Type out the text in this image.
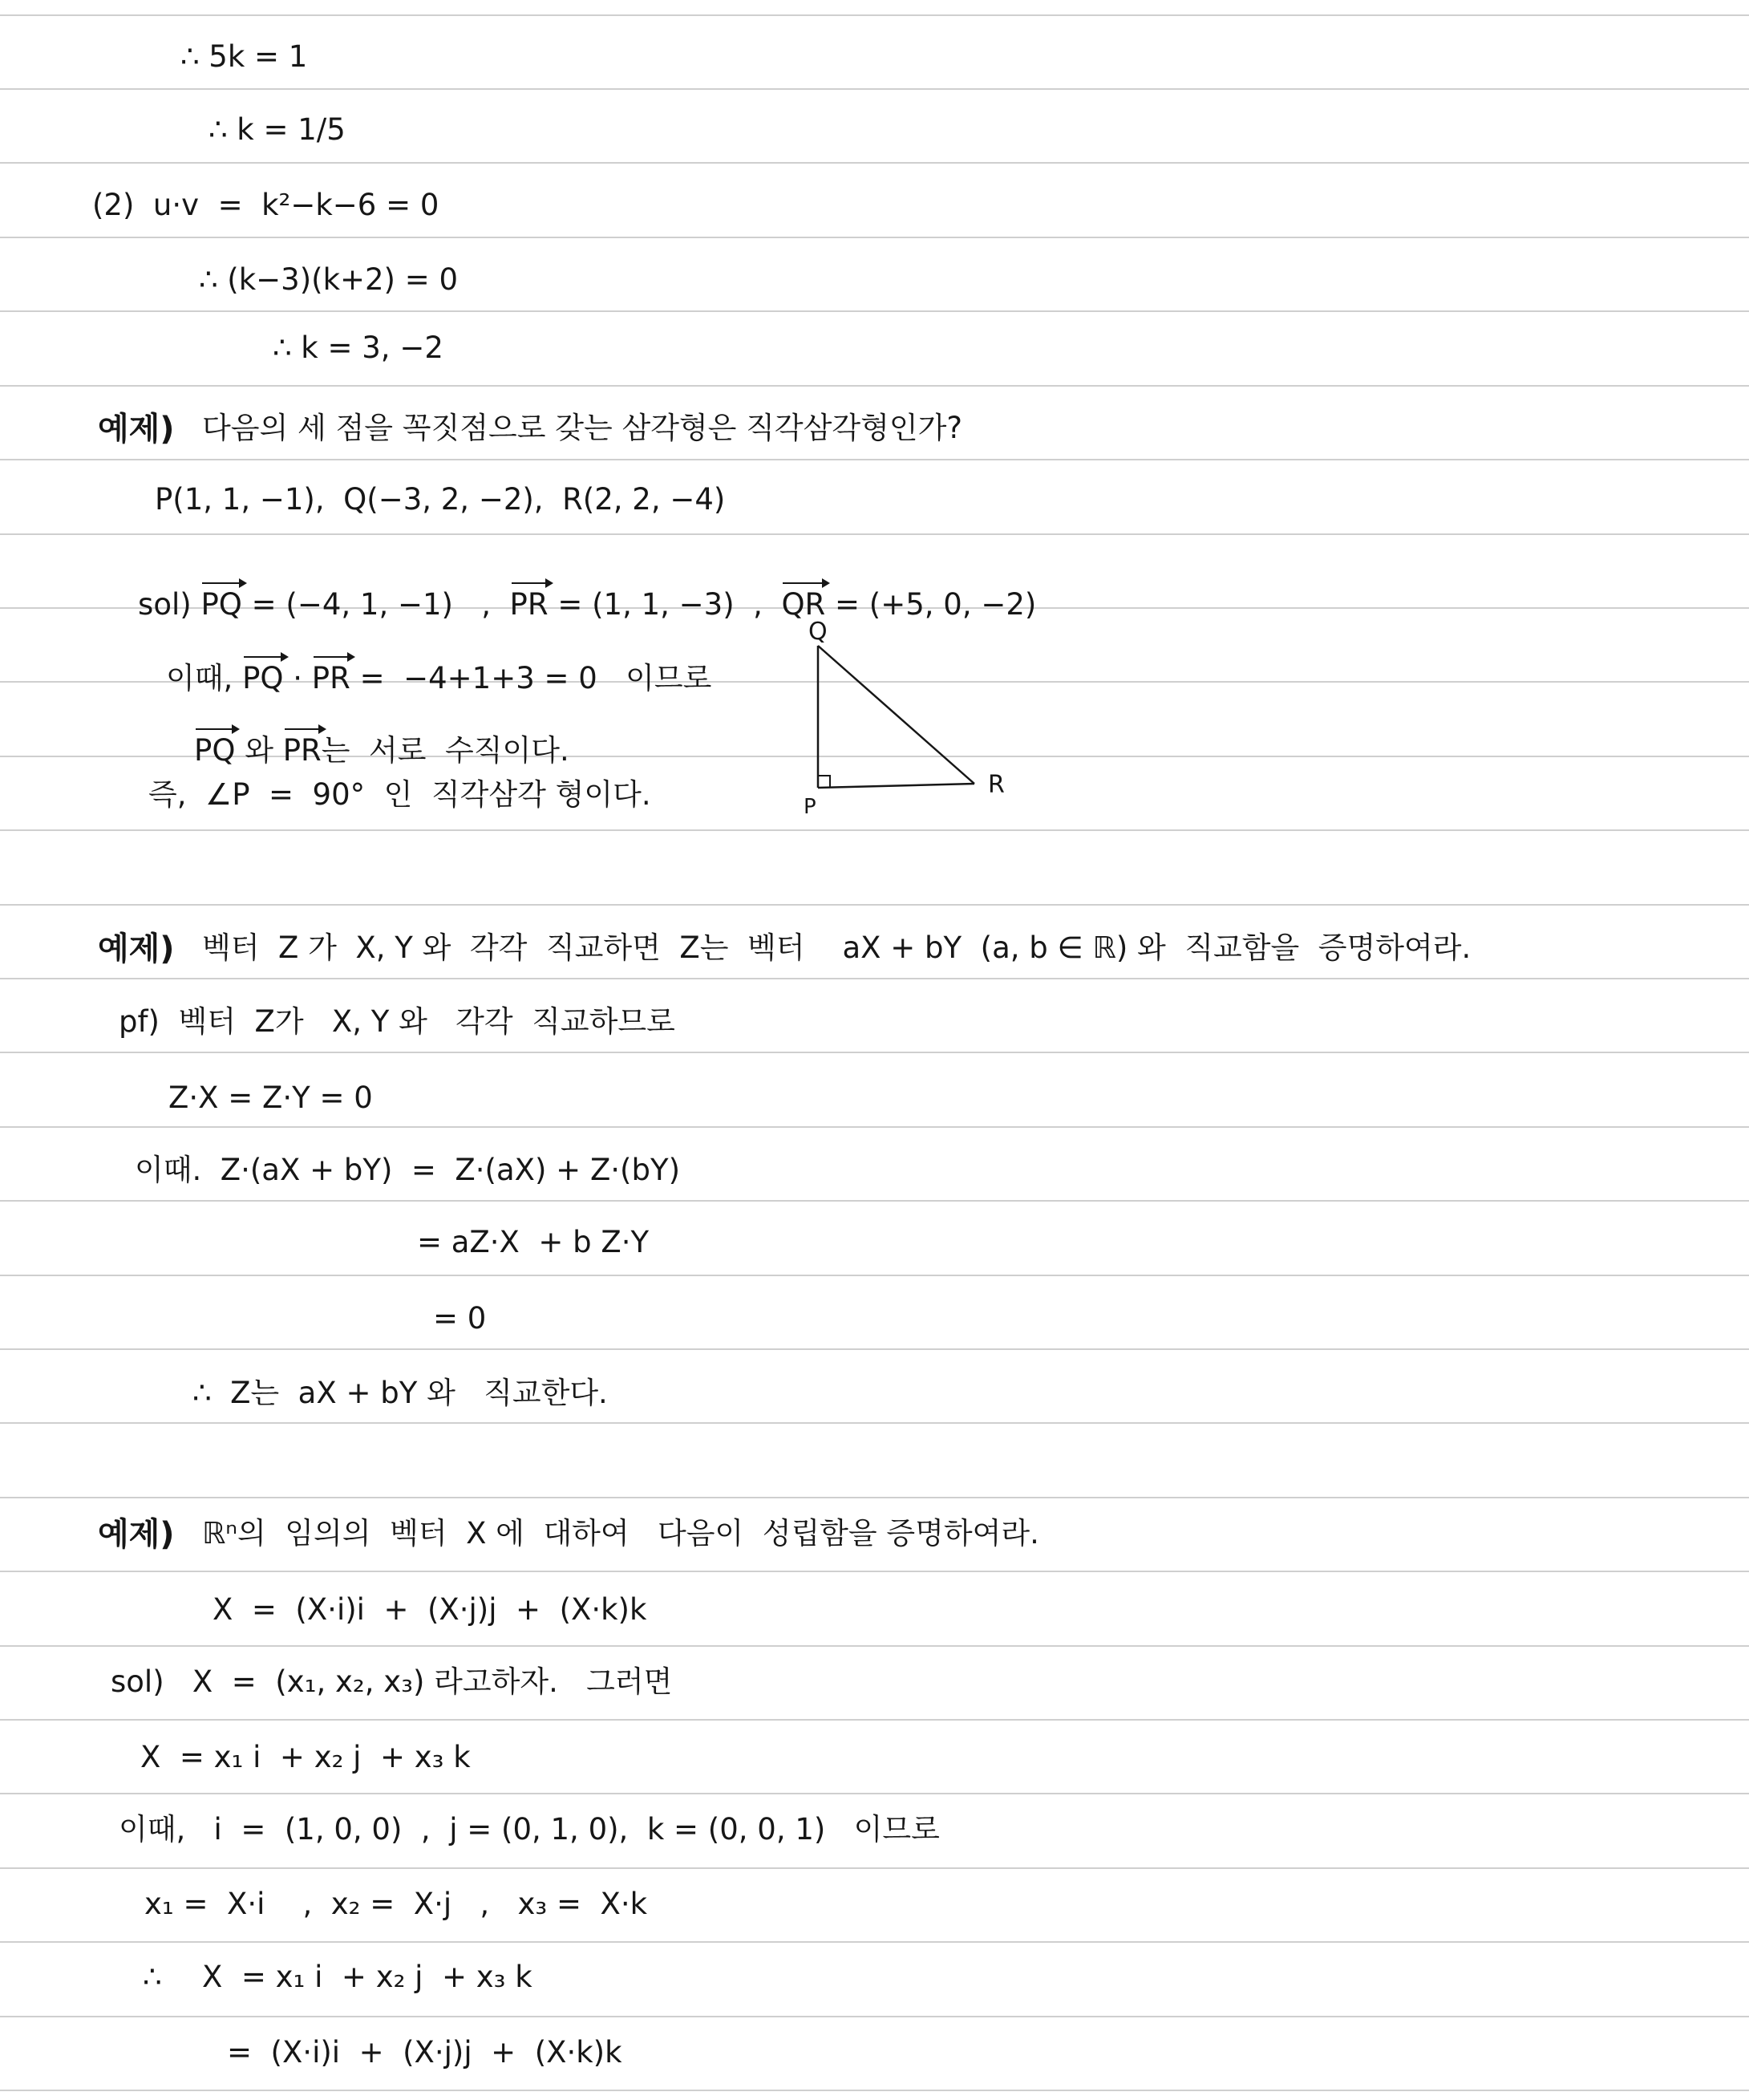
∴ 5k = 1
∴ k = 1/5
(2)  u·v  =  k²−k−6 = 0
∴ (k−3)(k+2) = 0
∴ k = 3, −2
예제) 다음의 세 점을 꼭짓점으로 갖는 삼각형은 직각삼각형인가?
P(1, 1, −1),  Q(−3, 2, −2),  R(2, 2, −4)

sol) PQ = (−4, 1, −1)   ,  PR = (1, 1, −3)  ,  QR = (+5, 0, −2)

이때, PQ · PR =  −4+1+3 = 0   이므로

PQ 와 PR는  서로  수직이다.

즉,  ∠P  =  90°  인  직각삼각 형이다.
예제) 벡터  Z 가  X, Y 와  각각  직교하면  Z는  벡터    aX + bY  (a, b ∈ ℝ) 와  직교함을  증명하여라.
pf)  벡터  Z가   X, Y 와   각각  직교하므로
Z·X = Z·Y = 0
이때.  Z·(aX + bY)  =  Z·(aX) + Z·(bY)
= aZ·X  + b Z·Y
= 0
∴  Z는  aX + bY 와   직교한다.
예제) ℝⁿ의  임의의  벡터  X 에  대하여   다음이  성립함을 증명하여라.
X  =  (X·i)i  +  (X·j)j  +  (X·k)k
sol)   X  =  (x₁, x₂, x₃) 라고하자.   그러면
X  = x₁ i  + x₂ j  + x₃ k
이때,   i  =  (1, 0, 0)  ,  j = (0, 1, 0),  k = (0, 0, 1)   이므로
x₁ =  X·i    ,  x₂ =  X·j   ,   x₃ =  X·k
∴ X  = x₁ i  + x₂ j  + x₃ k
=  (X·i)i  +  (X·j)j  +  (X·k)k
Q
P
R
